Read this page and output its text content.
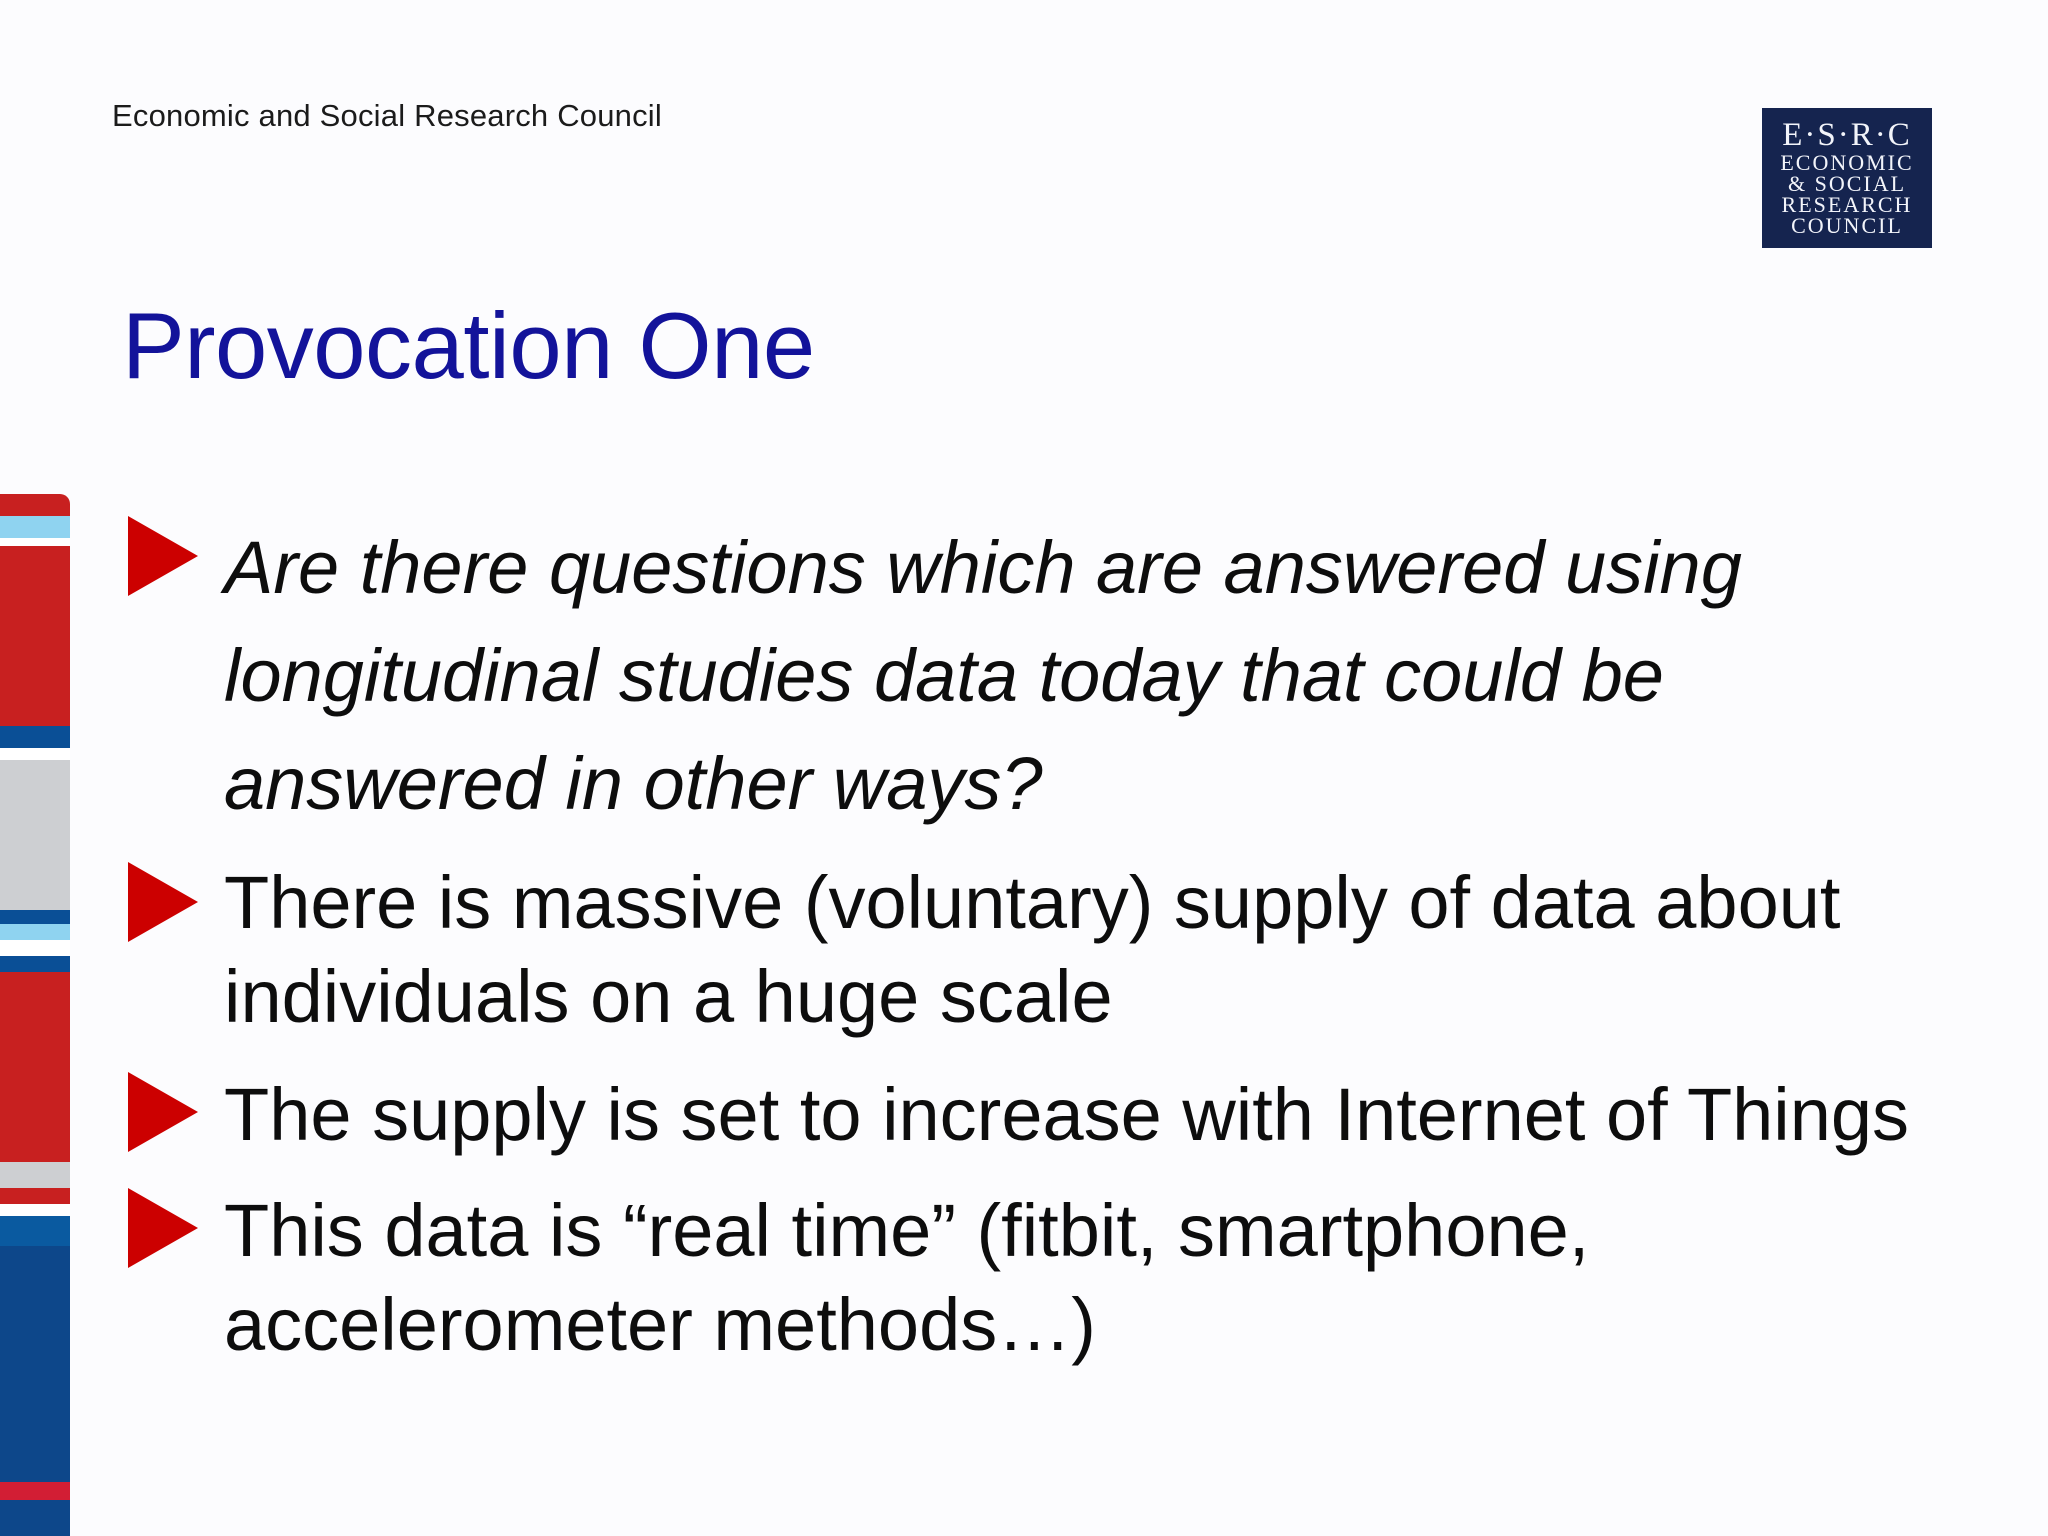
Economic and Social Research Council
E·S·R·C
ECONOMIC
& SOCIAL
RESEARCH
COUNCIL
Provocation One
Are there questions which are answered using longitudinal studies data today that could be answered in other ways?
There is massive (voluntary) supply of data about individuals on a huge scale
The supply is set to increase with Internet of Things
This data is “real time” (fitbit, smartphone, accelerometer methods…)
